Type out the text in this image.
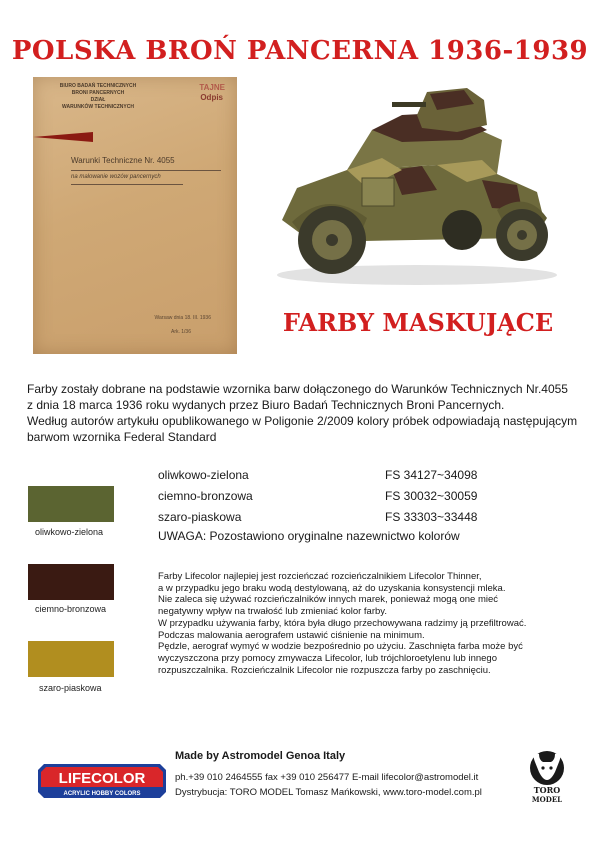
POLSKA BROŃ PANCERNA 1936-1939
BIURO BADAŃ TECHNICZNYCH
BRONI PANCERNYCH
DZIAŁ
WARUNKÓW TECHNICZNYCH
TAJNE
Odpis
Warunki Techniczne Nr. 4055
na malowanie wozów pancernych
Warsaw dnia 18. III. 1936
Ark. 1/36	FARBY MASKUJĄCE
Farby zostały dobrane na podstawie wzornika barw dołączonego do Warunków Technicznych Nr.4055
z dnia 18 marca 1936 roku wydanych przez Biuro Badań Technicznych Broni Pancernych.
Według autorów artykułu opublikowanego w Poligonie 2/2009 kolory próbek odpowiadają następującym
barwom wzornika Federal Standard
oliwkowo-zielona
ciemno-bronzowa
szaro-piaskowa
oliwkowo-zielona	FS 34127~34098
ciemno-bronzowa	FS 30032~30059
szaro-piaskowa	FS 33303~33448
UWAGA: Pozostawiono oryginalne nazewnictwo kolorów
Farby Lifecolor najlepiej jest rozcieńczać rozcieńczalnikiem Lifecolor Thinner,
a w przypadku jego braku wodą destylowaną, aż do uzyskania konsystencji mleka.
Nie zaleca się używać rozcieńczalników innych marek, ponieważ mogą one mieć
negatywny wpływ na trwałość lub zmieniać kolor farby.
W przypadku używania farby, która była długo przechowywana radzimy ją przefiltrować.
Podczas malowania aerografem ustawić ciśnienie na minimum.
Pędzle, aerograf wymyć w wodzie bezpośrednio po użyciu. Zaschnięta farba może być
wyczyszczona przy pomocy zmywacza Lifecolor, lub trójchloroetylenu lub innego
rozpuszczalnika. Rozcieńczalnik Lifecolor nie rozpuszcza farby po zaschnięciu.
LIFECOLOR
ACRYLIC HOBBY COLORS
Made by Astromodel Genoa Italy
ph.+39 010 2464555 fax +39 010 256477 E-mail lifecolor@astromodel.it
Dystrybucja: TORO MODEL Tomasz Mańkowski, www.toro-model.com.pl	TORO
MODEL
